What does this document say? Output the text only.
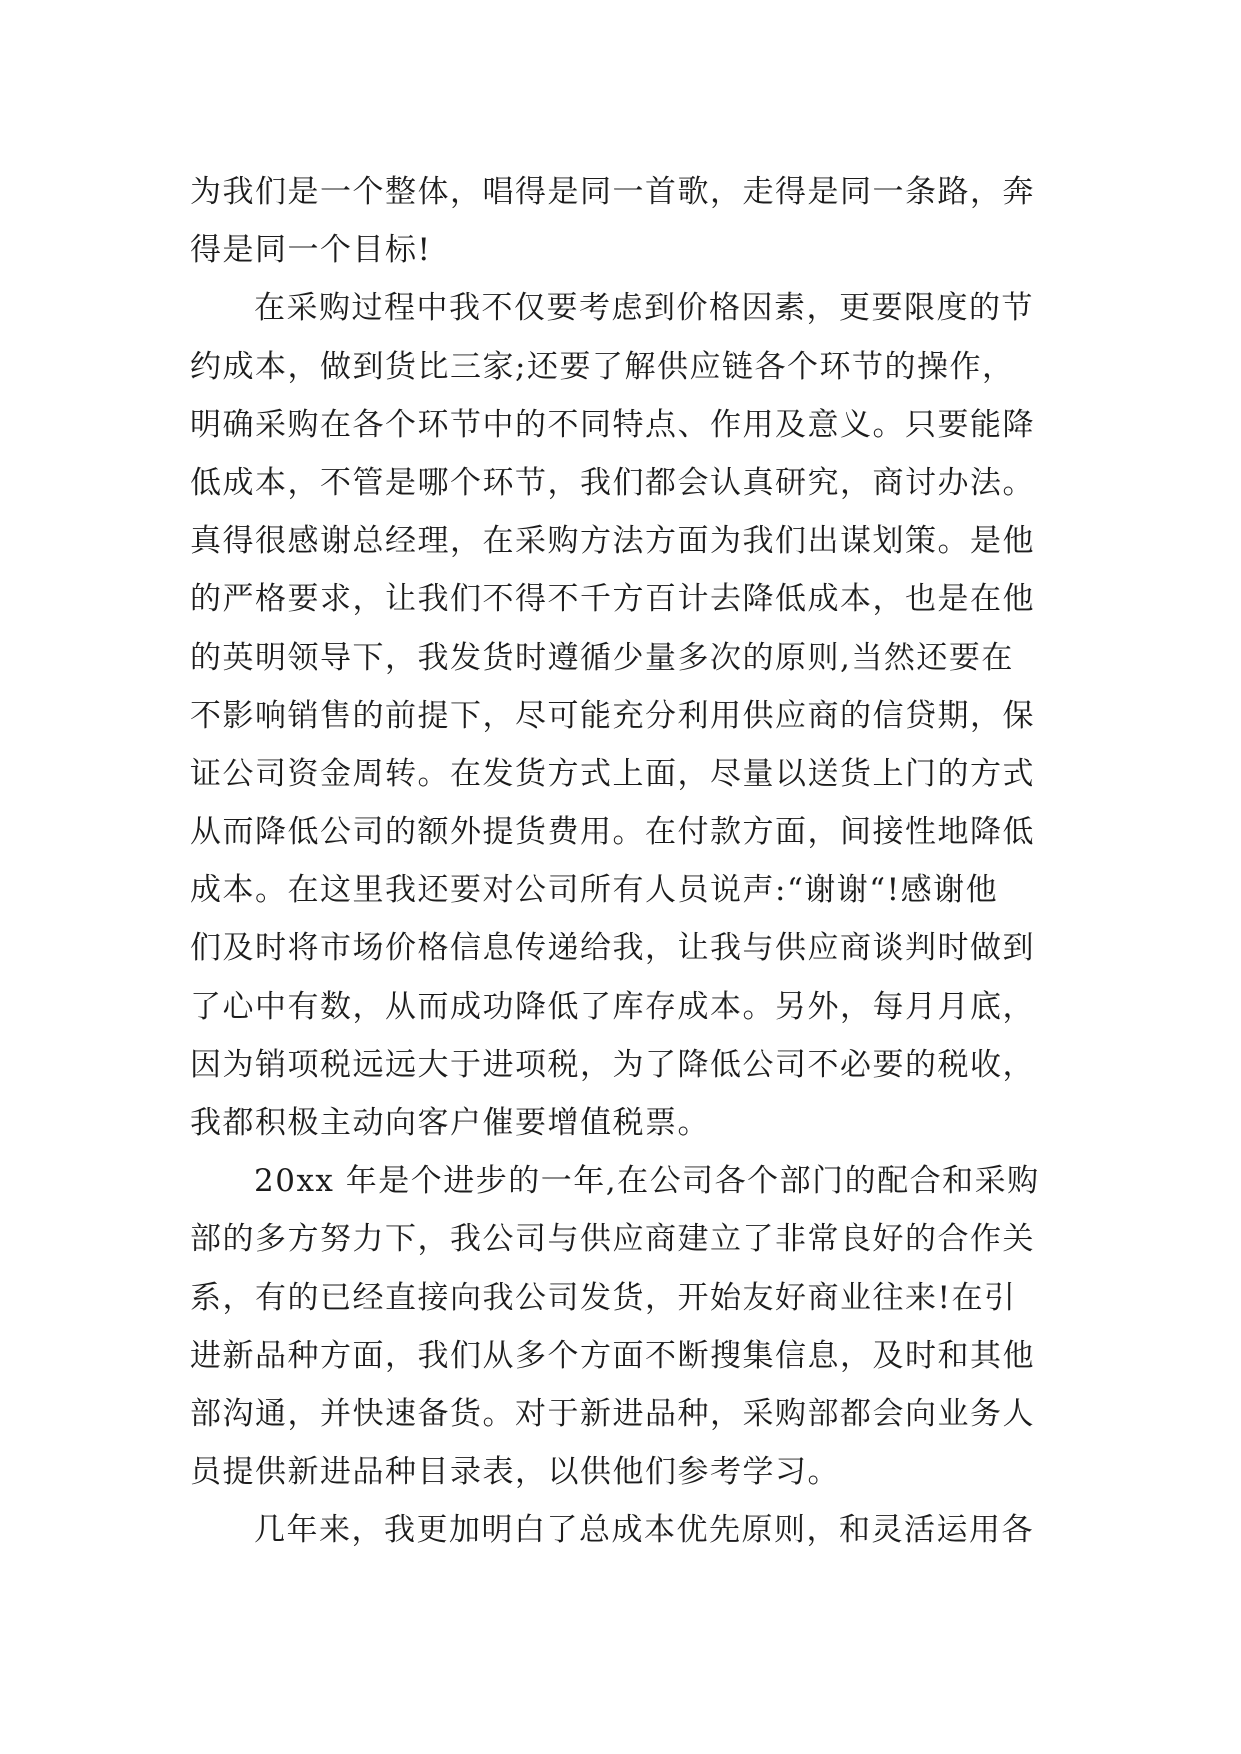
为我们是一个整体，唱得是同一首歌，走得是同一条路，奔
得是同一个目标!
在采购过程中我不仅要考虑到价格因素，更要限度的节
约成本，做到货比三家;还要了解供应链各个环节的操作，
明确采购在各个环节中的不同特点、作用及意义。只要能降
低成本，不管是哪个环节，我们都会认真研究，商讨办法。
真得很感谢总经理，在采购方法方面为我们出谋划策。是他
的严格要求，让我们不得不千方百计去降低成本，也是在他
的英明领导下，我发货时遵循少量多次的原则,当然还要在
不影响销售的前提下，尽可能充分利用供应商的信贷期，保
证公司资金周转。在发货方式上面，尽量以送货上门的方式
从而降低公司的额外提货费用。在付款方面，间接性地降低
成本。在这里我还要对公司所有人员说声:“谢谢“!感谢他
们及时将市场价格信息传递给我，让我与供应商谈判时做到
了心中有数，从而成功降低了库存成本。另外，每月月底，
因为销项税远远大于进项税，为了降低公司不必要的税收，
我都积极主动向客户催要增值税票。
20xx 年是个进步的一年,在公司各个部门的配合和采购
部的多方努力下，我公司与供应商建立了非常良好的合作关
系，有的已经直接向我公司发货，开始友好商业往来!在引
进新品种方面，我们从多个方面不断搜集信息，及时和其他
部沟通，并快速备货。对于新进品种，采购部都会向业务人
员提供新进品种目录表，以供他们参考学习。
几年来，我更加明白了总成本优先原则，和灵活运用各
